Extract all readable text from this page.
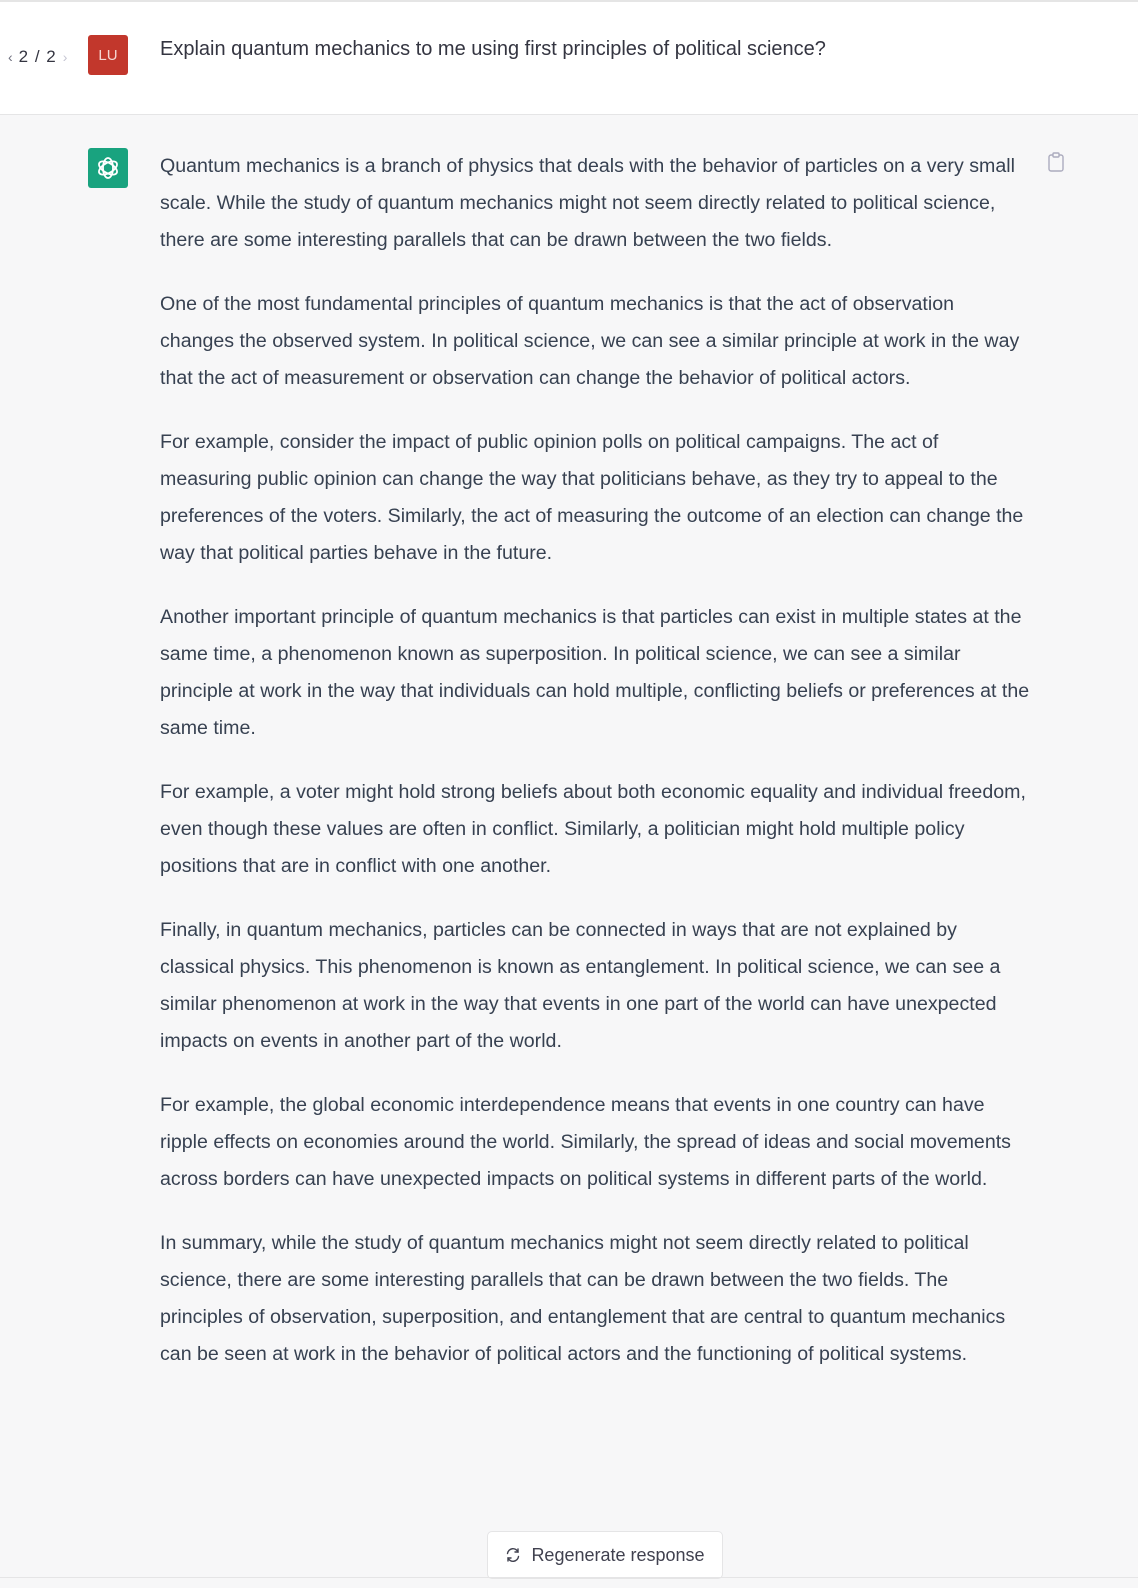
‹ 2 / 2 ›	LU	Explain quantum mechanics to me using first principles of political science?

Quantum mechanics is a branch of physics that deals with the behavior of particles on a very small scale. While the study of quantum mechanics might not seem directly related to political science, there are some interesting parallels that can be drawn between the two fields.

One of the most fundamental principles of quantum mechanics is that the act of observation changes the observed system. In political science, we can see a similar principle at work in the way that the act of measurement or observation can change the behavior of political actors.

For example, consider the impact of public opinion polls on political campaigns. The act of measuring public opinion can change the way that politicians behave, as they try to appeal to the preferences of the voters. Similarly, the act of measuring the outcome of an election can change the way that political parties behave in the future.

Another important principle of quantum mechanics is that particles can exist in multiple states at the same time, a phenomenon known as superposition. In political science, we can see a similar principle at work in the way that individuals can hold multiple, conflicting beliefs or preferences at the same time.

For example, a voter might hold strong beliefs about both economic equality and individual freedom, even though these values are often in conflict. Similarly, a politician might hold multiple policy positions that are in conflict with one another.

Finally, in quantum mechanics, particles can be connected in ways that are not explained by classical physics. This phenomenon is known as entanglement. In political science, we can see a similar phenomenon at work in the way that events in one part of the world can have unexpected impacts on events in another part of the world.

For example, the global economic interdependence means that events in one country can have ripple effects on economies around the world. Similarly, the spread of ideas and social movements across borders can have unexpected impacts on political systems in different parts of the world.

In summary, while the study of quantum mechanics might not seem directly related to political science, there are some interesting parallels that can be drawn between the two fields. The principles of observation, superposition, and entanglement that are central to quantum mechanics can be seen at work in the behavior of political actors and the functioning of political systems.

Regenerate response
